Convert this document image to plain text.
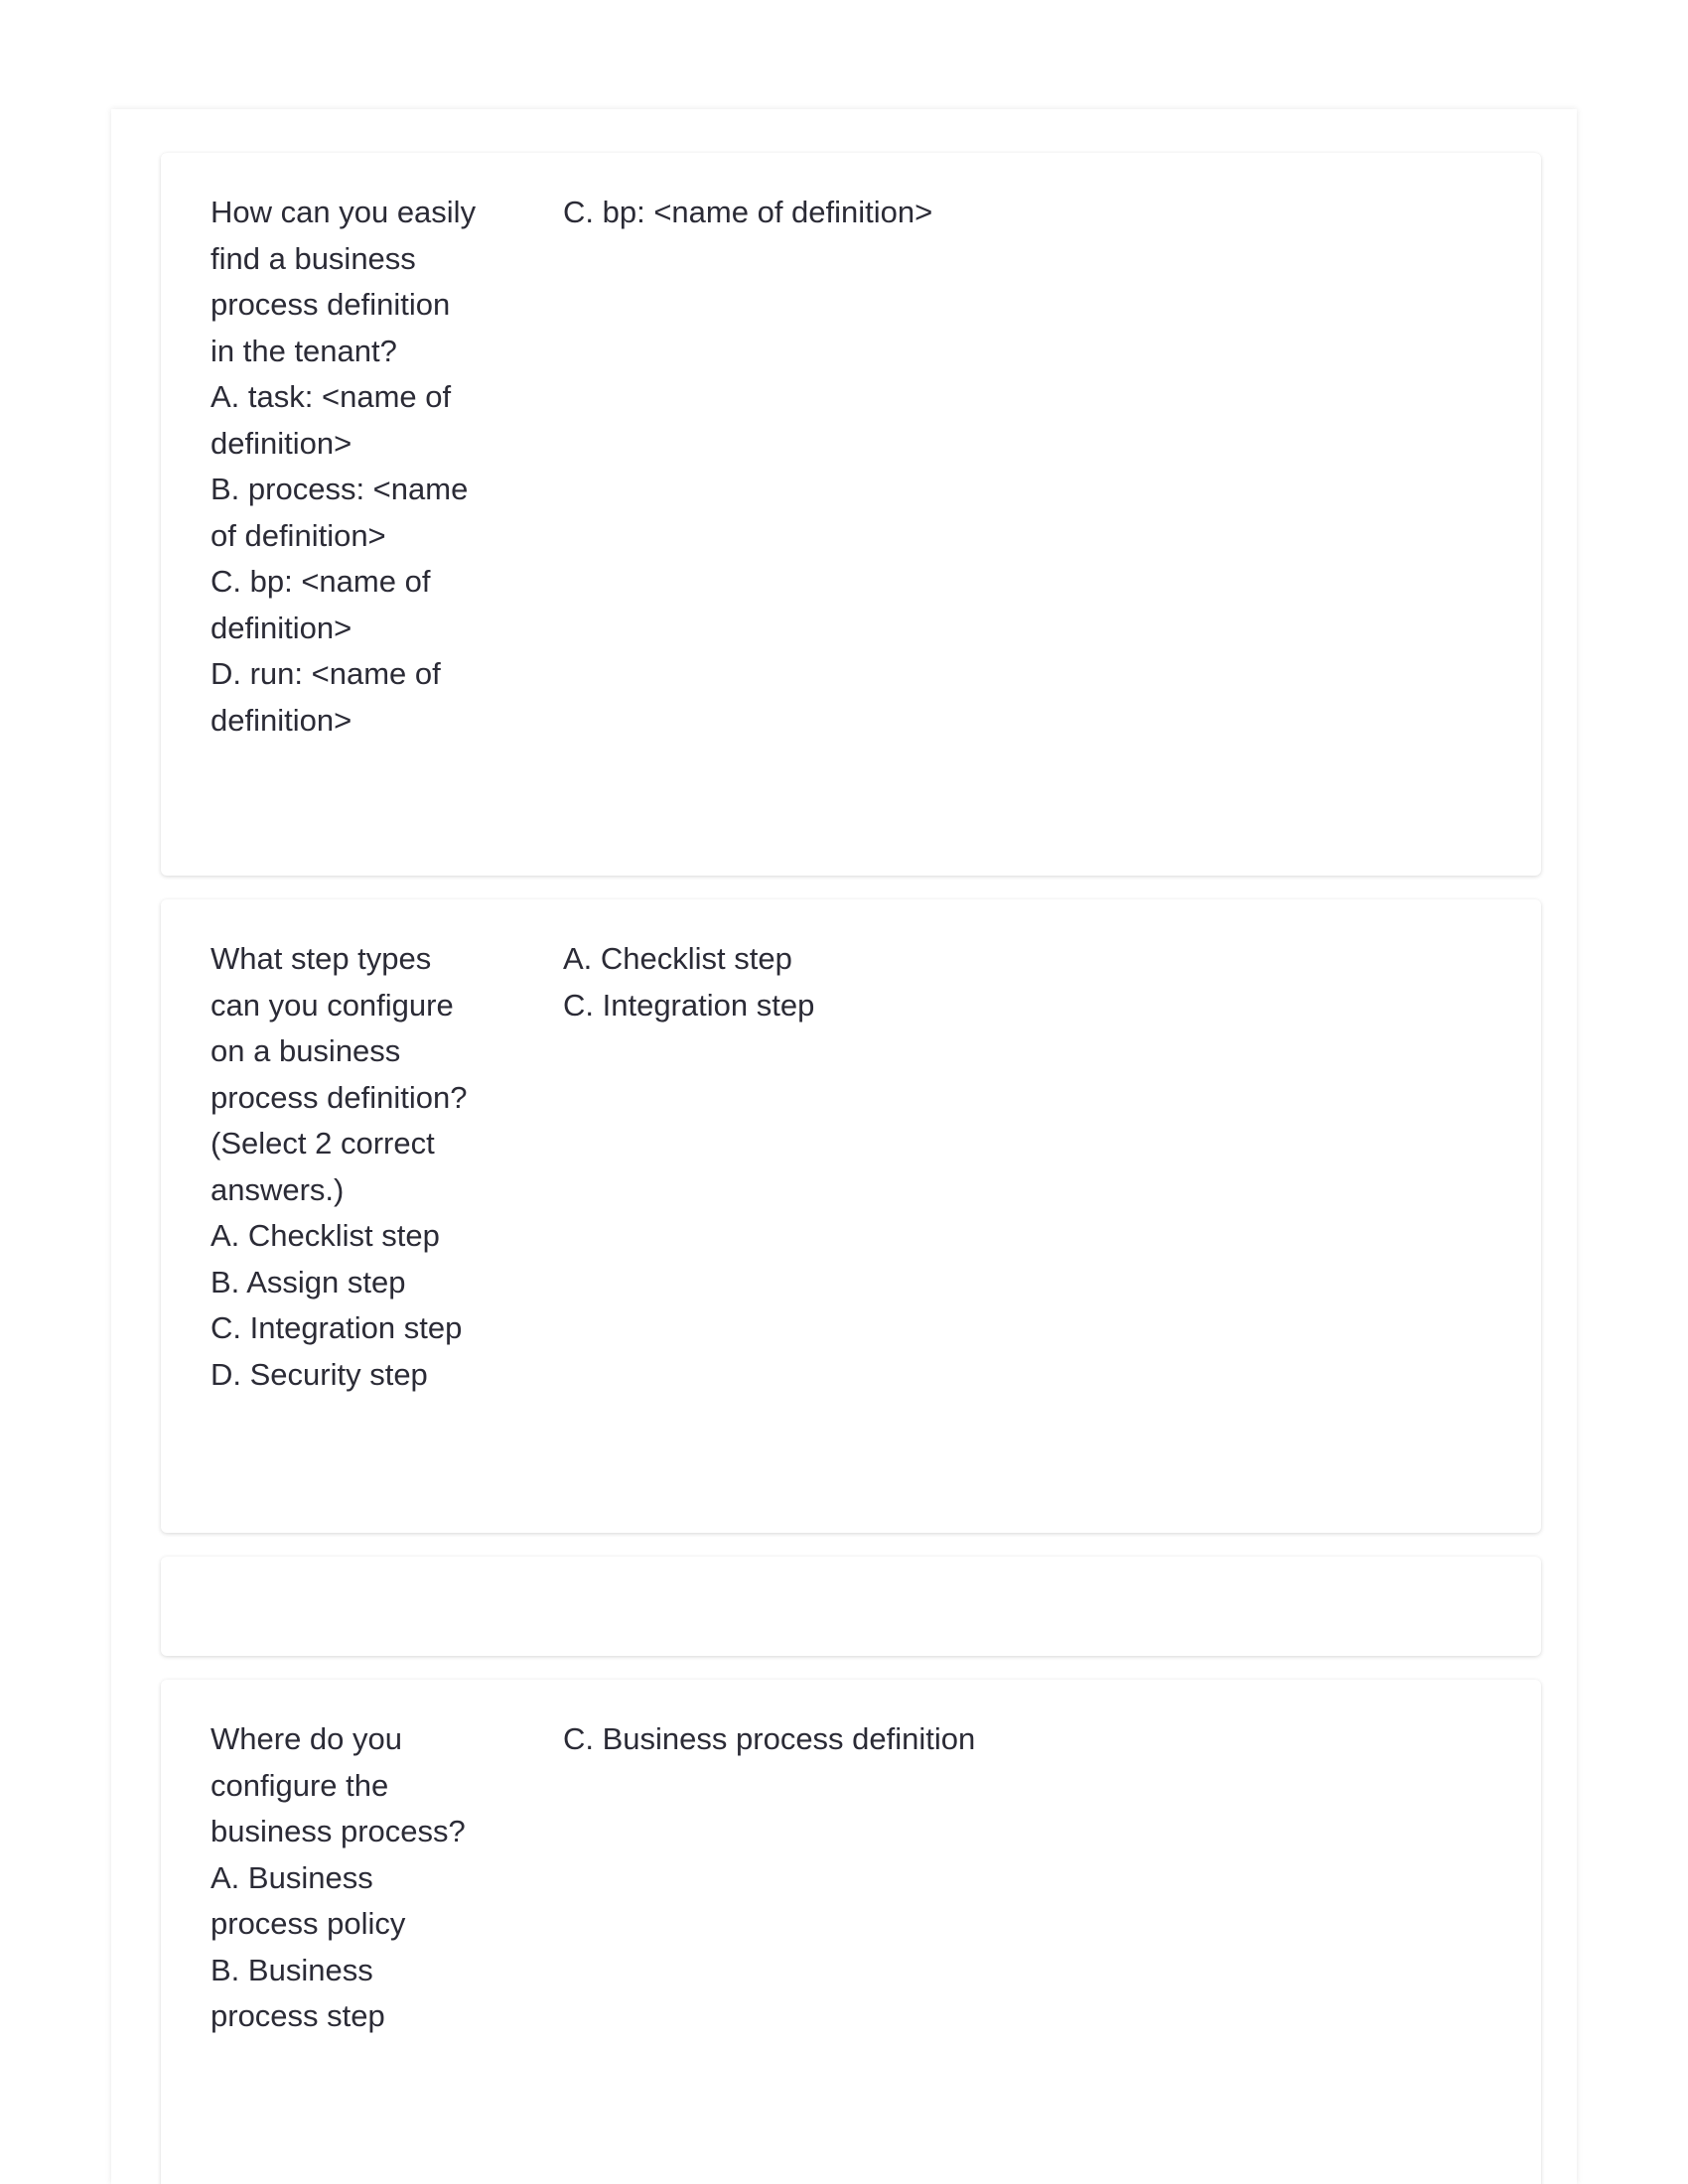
How can you easily find a business process definition in the tenant?
A. task: <name of definition>
B. process: <name of definition>
C. bp: <name of definition>
D. run: <name of definition>
C. bp: <name of definition>
What step types can you configure on a business process definition? (Select 2 correct answers.)
A. Checklist step
B. Assign step
C. Integration step
D. Security step
A. Checklist step
C. Integration step
Where do you configure the business process?
A. Business process policy
B. Business process step
C. Business process definition
